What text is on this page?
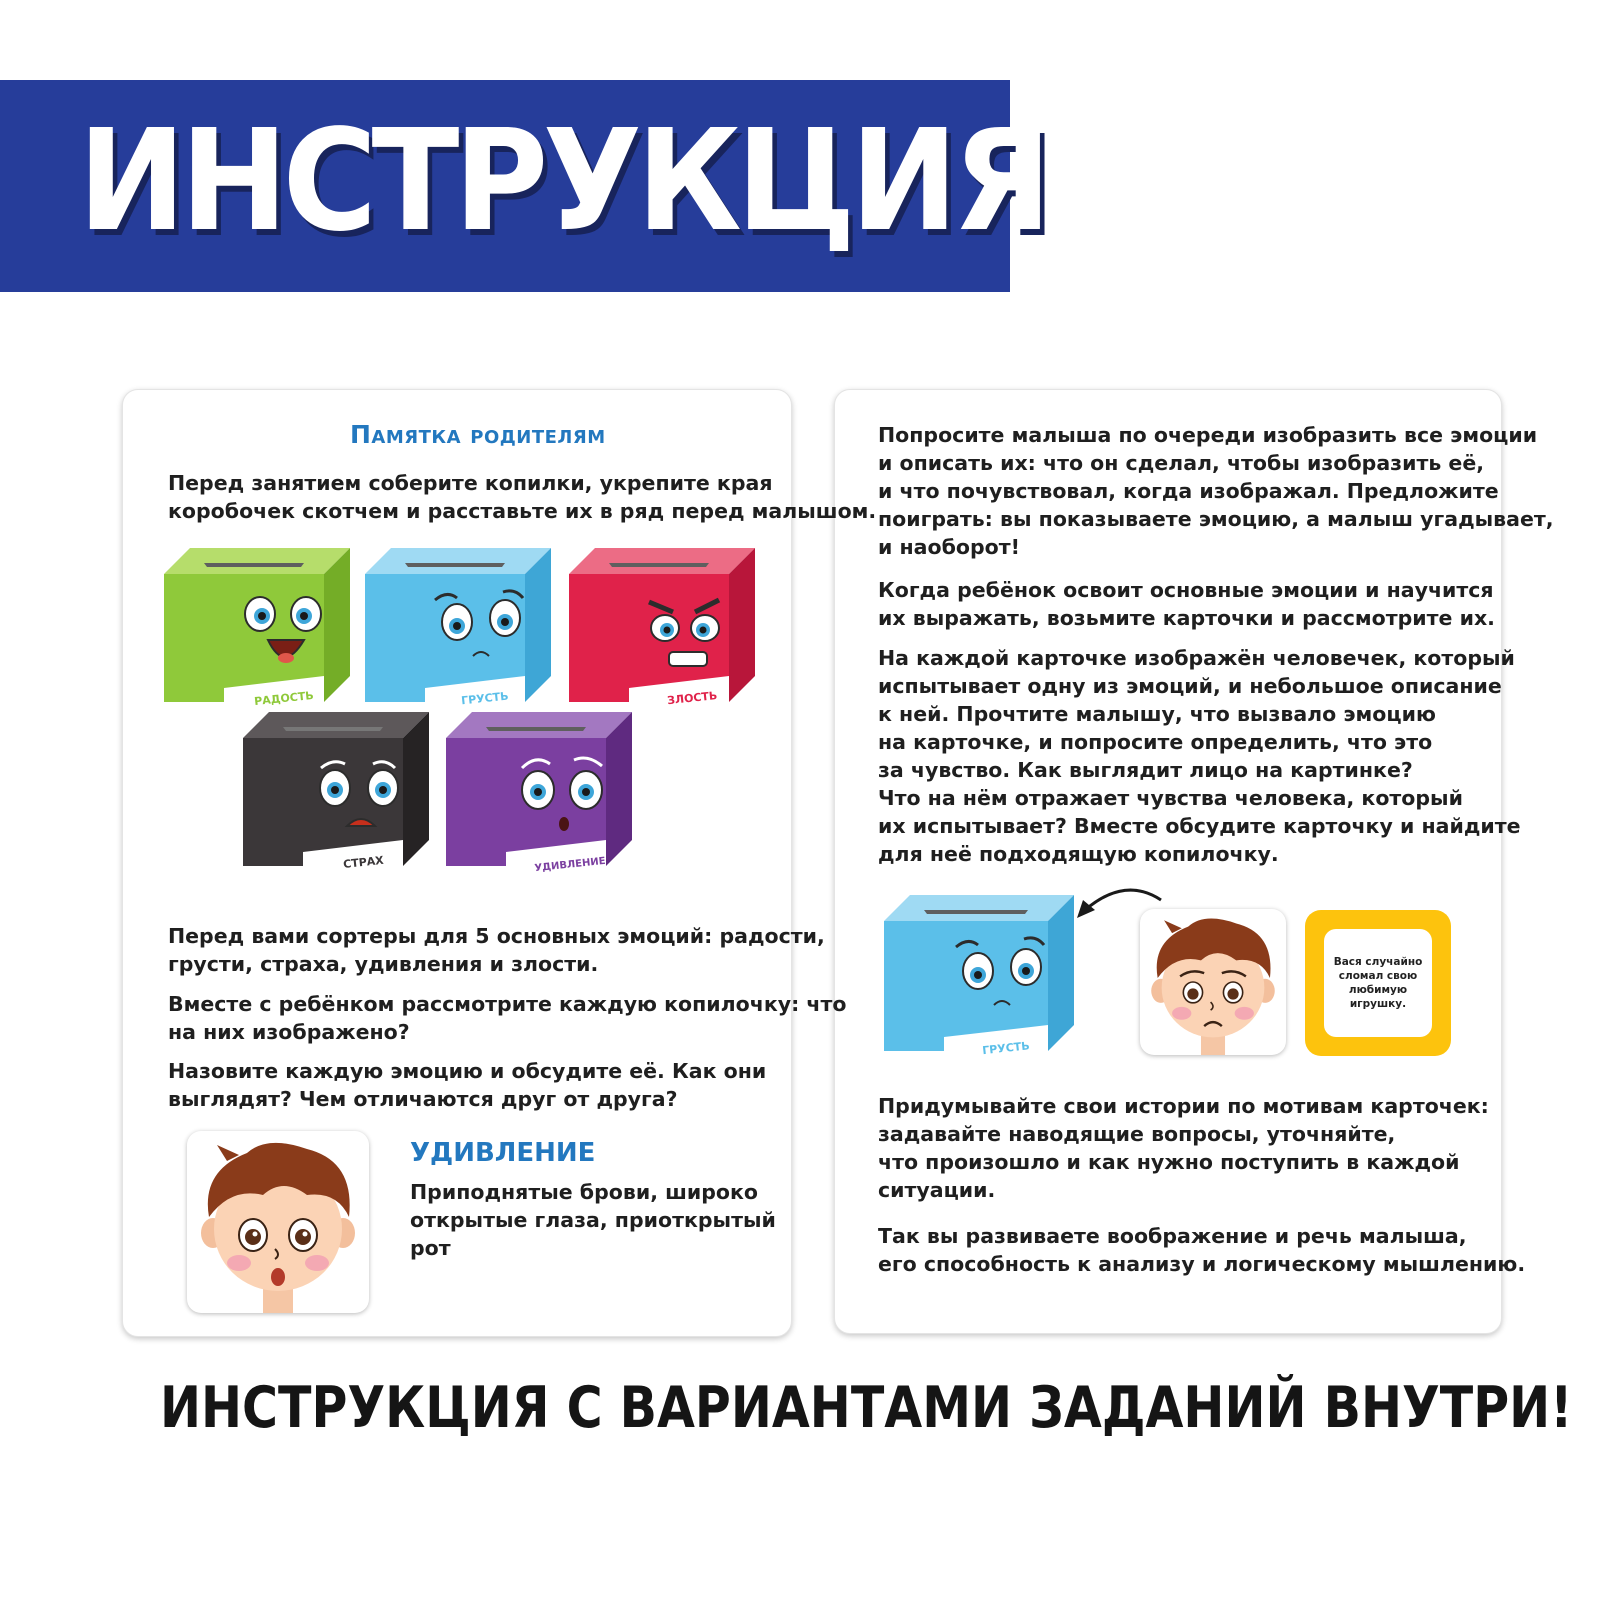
ИНСТРУКЦИЯ
Памятка родителям

Перед занятием соберите копилки, укрепите края
коробочек скотчем и расставьте их в ряд перед малышом.

РАДОСТЬ	ГРУСТЬ	ЗЛОСТЬ
СТРАХ	УДИВЛЕНИЕ

Перед вами сортеры для 5 основных эмоций: радости,
грусти, страха, удивления и злости.

Вместе с ребёнком рассмотрите каждую копилочку: что
на них изображено?

Назовите каждую эмоцию и обсудите её. Как они
выглядят? Чем отличаются друг от друга?

УДИВЛЕНИЕ

Приподнятые брови, широко
открытые глаза, приоткрытый
рот

Попросите малыша по очереди изобразить все эмоции
и описать их: что он сделал, чтобы изобразить её,
и что почувствовал, когда изображал. Предложите
поиграть: вы показываете эмоцию, а малыш угадывает,
и наоборот!

Когда ребёнок освоит основные эмоции и научится
их выражать, возьмите карточки и рассмотрите их.

На каждой карточке изображён человечек, который
испытывает одну из эмоций, и небольшое описание
к ней. Прочтите малышу, что вызвало эмоцию
на карточке, и попросите определить, что это
за чувство. Как выглядит лицо на картинке?
Что на нём отражает чувства человека, который
их испытывает? Вместе обсудите карточку и найдите
для неё подходящую копилочку.

ГРУСТЬ
Вася случайно
сломал свою
любимую
игрушку.

Придумывайте свои истории по мотивам карточек:
задавайте наводящие вопросы, уточняйте,
что произошло и как нужно поступить в каждой
ситуации.

Так вы развиваете воображение и речь малыша,
его способность к анализу и логическому мышлению.

ИНСТРУКЦИЯ С ВАРИАНТАМИ ЗАДАНИЙ ВНУТРИ!
